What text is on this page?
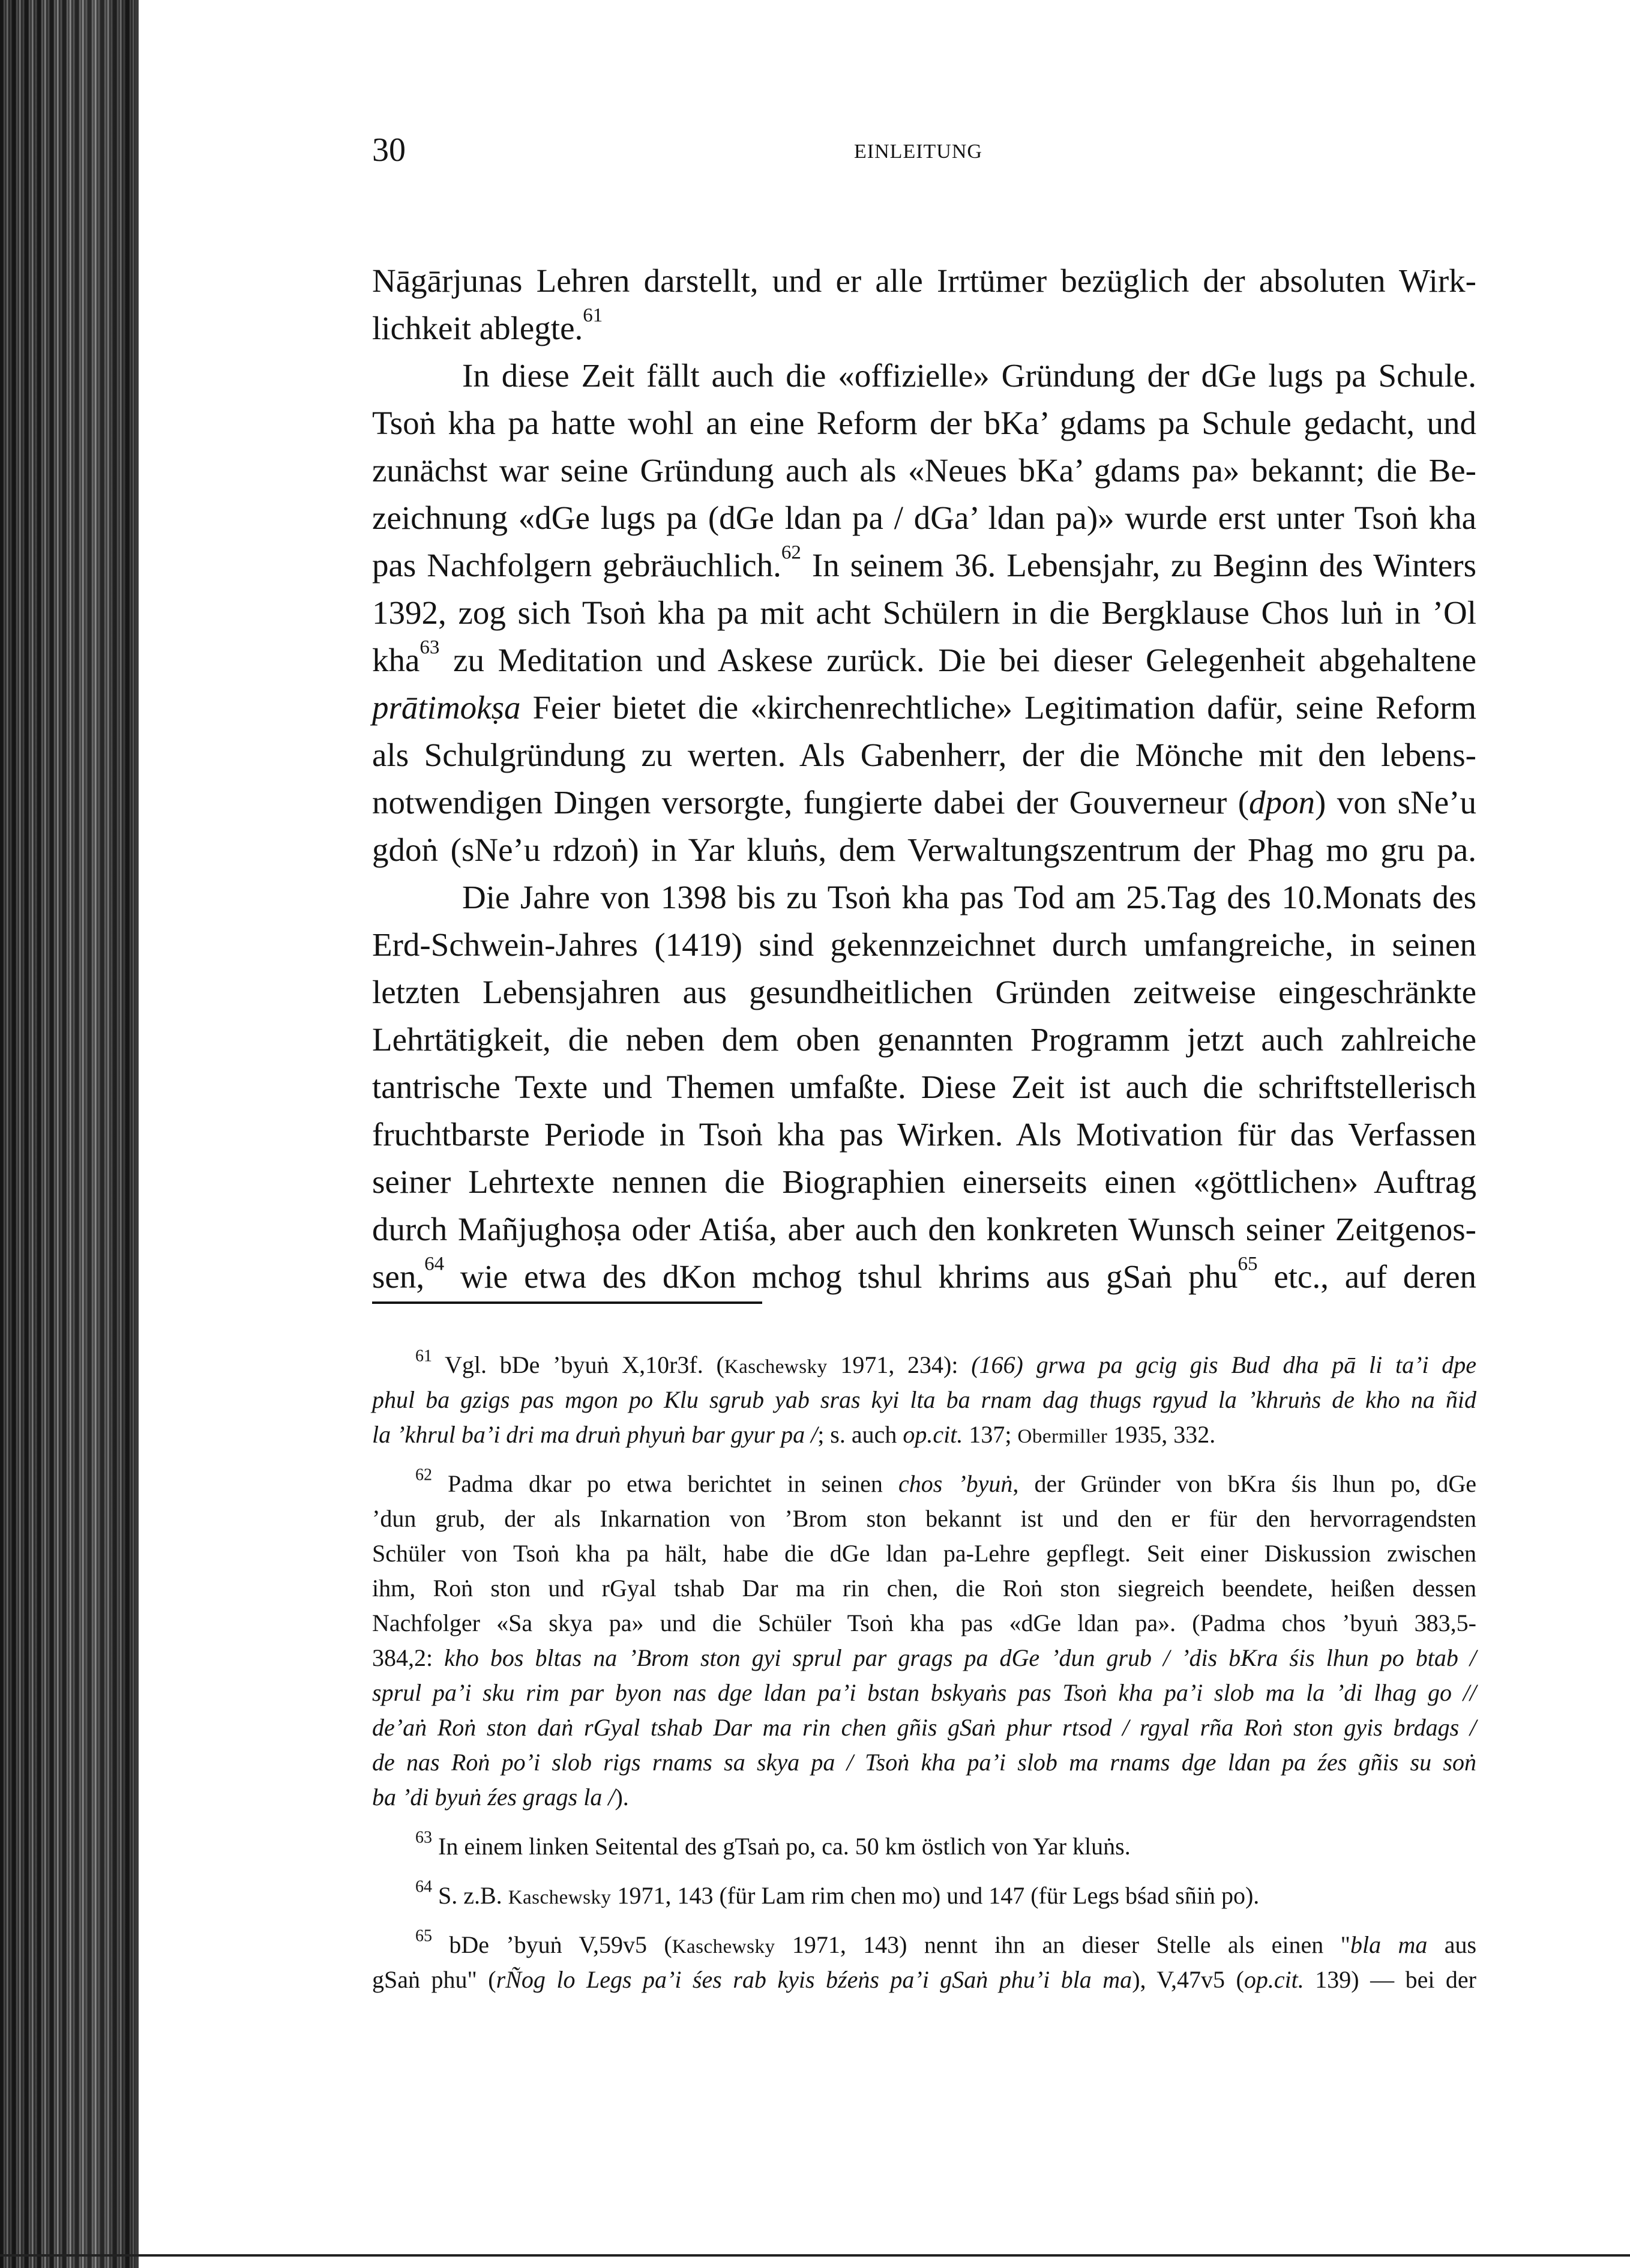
30	EINLEITUNG
Nāgārjunas Lehren darstellt, und er alle Irrtümer bezüglich der absoluten Wirk-
lichkeit ablegte.$^{61}$
In diese Zeit fällt auch die «offizielle» Gründung der dGe lugs pa Schule.
Tsoṅ kha pa hatte wohl an eine Reform der bKa’ gdams pa Schule gedacht, und
zunächst war seine Gründung auch als «Neues bKa’ gdams pa» bekannt; die Be-
zeichnung «dGe lugs pa (dGe ldan pa / dGa’ ldan pa)» wurde erst unter Tsoṅ kha
pas Nachfolgern gebräuchlich.$^{62}$ In seinem 36. Lebensjahr, zu Beginn des Winters
1392, zog sich Tsoṅ kha pa mit acht Schülern in die Bergklause Chos luṅ in ’Ol
kha$^{63}$ zu Meditation und Askese zurück. Die bei dieser Gelegenheit abgehaltene
prātimokṣa Feier bietet die «kirchenrechtliche» Legitimation dafür, seine Reform
als Schulgründung zu werten. Als Gabenherr, der die Mönche mit den lebens-
notwendigen Dingen versorgte, fungierte dabei der Gouverneur (dpon) von sNe’u
gdoṅ (sNe’u rdzoṅ) in Yar kluṅs, dem Verwaltungszentrum der Phag mo gru pa.
Die Jahre von 1398 bis zu Tsoṅ kha pas Tod am 25.Tag des 10.Monats des
Erd-Schwein-Jahres (1419) sind gekennzeichnet durch umfangreiche, in seinen
letzten Lebensjahren aus gesundheitlichen Gründen zeitweise eingeschränkte
Lehrtätigkeit, die neben dem oben genannten Programm jetzt auch zahlreiche
tantrische Texte und Themen umfaßte. Diese Zeit ist auch die schriftstellerisch
fruchtbarste Periode in Tsoṅ kha pas Wirken. Als Motivation für das Verfassen
seiner Lehrtexte nennen die Biographien einerseits einen «göttlichen» Auftrag
durch Mañjughoṣa oder Atiśa, aber auch den konkreten Wunsch seiner Zeitgenos-
sen,$^{64}$ wie etwa des dKon mchog tshul khrims aus gSaṅ phu$^{65}$ etc., auf deren
$^{61}$ Vgl. bDe ’byuṅ X,10r3f. (Kaschewsky 1971, 234): (166) grwa pa gcig gis Bud dha pā li ta’i dpe
phul ba gzigs pas mgon po Klu sgrub yab sras kyi lta ba rnam dag thugs rgyud la ’khruṅs de kho na ñid
la ’khrul ba’i dri ma druṅ phyuṅ bar gyur pa /; s. auch op.cit. 137; Obermiller 1935, 332.
$^{62}$ Padma dkar po etwa berichtet in seinen chos ’byuṅ, der Gründer von bKra śis lhun po, dGe
’dun grub, der als Inkarnation von ’Brom ston bekannt ist und den er für den hervorragendsten
Schüler von Tsoṅ kha pa hält, habe die dGe ldan pa-Lehre gepflegt. Seit einer Diskussion zwischen
ihm, Roṅ ston und rGyal tshab Dar ma rin chen, die Roṅ ston siegreich beendete, heißen dessen
Nachfolger «Sa skya pa» und die Schüler Tsoṅ kha pas «dGe ldan pa». (Padma chos ’byuṅ 383,5-
384,2: kho bos bltas na ’Brom ston gyi sprul par grags pa dGe ’dun grub / ’dis bKra śis lhun po btab /
sprul pa’i sku rim par byon nas dge ldan pa’i bstan bskyaṅs pas Tsoṅ kha pa’i slob ma la ’di lhag go //
de’aṅ Roṅ ston daṅ rGyal tshab Dar ma rin chen gñis gSaṅ phur rtsod / rgyal rña Roṅ ston gyis brdags /
de nas Roṅ po’i slob rigs rnams sa skya pa / Tsoṅ kha pa’i slob ma rnams dge ldan pa źes gñis su soṅ
ba ’di byuṅ źes grags la /).
$^{63}$ In einem linken Seitental des gTsaṅ po, ca. 50 km östlich von Yar kluṅs.
$^{64}$ S. z.B. Kaschewsky 1971, 143 (für Lam rim chen mo) und 147 (für Legs bśad sñiṅ po).
$^{65}$ bDe ’byuṅ V,59v5 (Kaschewsky 1971, 143) nennt ihn an dieser Stelle als einen "bla ma aus
gSaṅ phu" (rÑog lo Legs pa’i śes rab kyis bźeṅs pa’i gSaṅ phu’i bla ma), V,47v5 (op.cit. 139) — bei der
